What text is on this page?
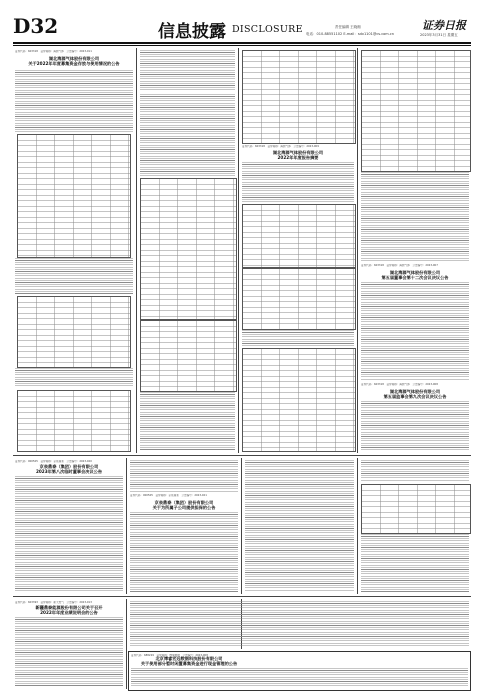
D32	信息披露 DISCLOSURE	责任编辑 王晓湘
电话：010-88551102 E-mail：sdx1101@cs.com.cn
证券日报
2023年3月31日 星期五
证券代码：603318　证券简称：海源气体　公告编号：2023-011
湖北海源气体股份有限公司
关于2022年年度募集资金存放与使用情况的公告
证券代码：603318　证券简称：海源气体　公告编号：2023-009
湖北海源气体股份有限公司
2022年年度报告摘要
证券代码：603318　证券简称：海源气体　公告编号：2023-007
湖北海源气体股份有限公司
第五届董事会第十二次会议决议公告
证券代码：603318　证券简称：海源气体　公告编号：2023-008
湖北海源气体股份有限公司
第五届监事会第九次会议决议公告
证券代码：000505　证券简称：京泉鼎泰　公告编号：2023-020
京泉鼎泰（集团）股份有限公司
2023年第八次临时董事会决议公告
证券代码：000505　证券简称：京泉鼎泰　公告编号：2023-021
京泉鼎泰（集团）股份有限公司
关于为所属子公司提供担保的公告
证券代码：603393　证券简称：新天然气　公告编号：2023-013
新疆鼎泰能源股份有限公司关于召开
2022年年度业绩说明会的公告
证券代码：688229　证券简称：博睿数据　公告编号：2023-008
北京博睿宏远数据科技股份有限公司
关于使用部分暂时闲置募集资金进行现金管理的公告
